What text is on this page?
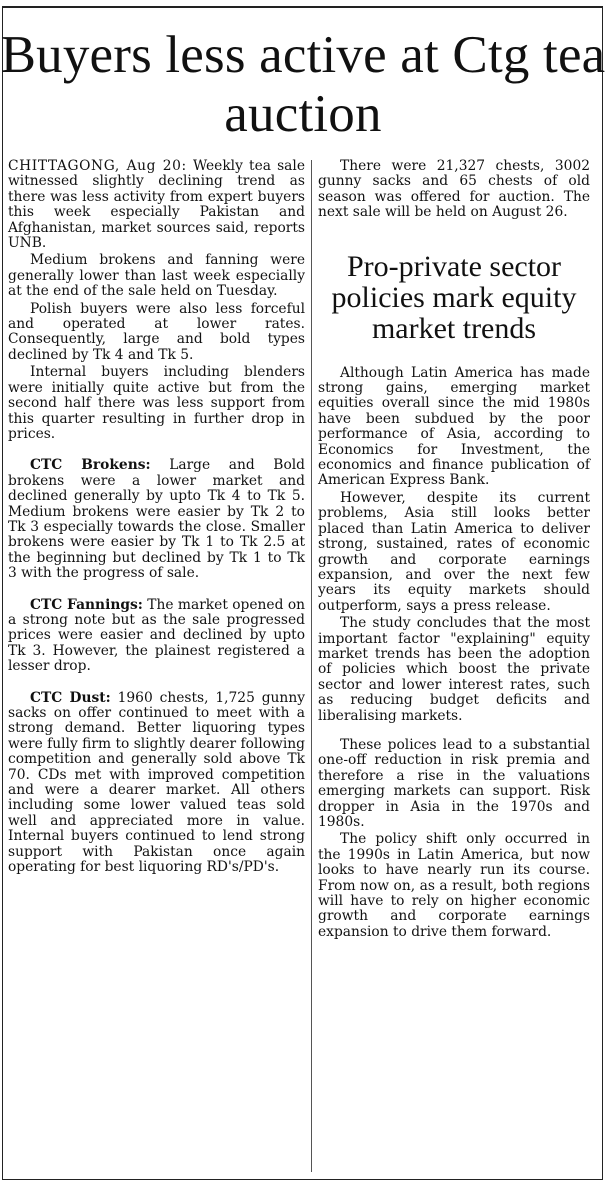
Buyers less active at Ctg tea auction

CHITTAGONG, Aug 20: Weekly tea sale witnessed slightly declining trend as there was less activity from expert buyers this week especially Pakistan and Afghanistan, market sources said, reports UNB.

Medium brokens and fanning were generally lower than last week especially at the end of the sale held on Tuesday.

Polish buyers were also less forceful and operated at lower rates. Consequently, large and bold types declined by Tk 4 and Tk 5.

Internal buyers including blenders were initially quite active but from the second half there was less support from this quarter resulting in further drop in prices.

CTC Brokens: Large and Bold brokens were a lower market and declined generally by upto Tk 4 to Tk 5. Medium brokens were easier by Tk 2 to Tk 3 especially towards the close. Smaller brokens were easier by Tk 1 to Tk 2.5 at the beginning but declined by Tk 1 to Tk 3 with the progress of sale.

CTC Fannings: The market opened on a strong note but as the sale progressed prices were easier and declined by upto Tk 3. However, the plainest registered a lesser drop.

CTC Dust: 1960 chests, 1,725 gunny sacks on offer continued to meet with a strong demand. Better liquoring types were fully firm to slightly dearer following competition and generally sold above Tk 70. CDs met with improved competition and were a dearer market. All others including some lower valued teas sold well and appreciated more in value. Internal buyers continued to lend strong support with Pakistan once again operating for best liquoring RD's/PD's.

There were 21,327 chests, 3002 gunny sacks and 65 chests of old season was offered for auction. The next sale will be held on August 26.

Pro-private sector policies mark equity market trends

Although Latin America has made strong gains, emerging market equities overall since the mid 1980s have been subdued by the poor performance of Asia, according to Economics for Investment, the economics and finance publication of American Express Bank.

However, despite its current problems, Asia still looks better placed than Latin America to deliver strong, sustained, rates of economic growth and corporate earnings expansion, and over the next few years its equity markets should outperform, says a press release.

The study concludes that the most important factor "explaining" equity market trends has been the adoption of policies which boost the private sector and lower interest rates, such as reducing budget deficits and liberalising markets.

These polices lead to a substantial one-off reduction in risk premia and therefore a rise in the valuations emerging markets can support. Risk dropper in Asia in the 1970s and 1980s.

The policy shift only occurred in the 1990s in Latin America, but now looks to have nearly run its course. From now on, as a result, both regions will have to rely on higher economic growth and corporate earnings expansion to drive them forward.
